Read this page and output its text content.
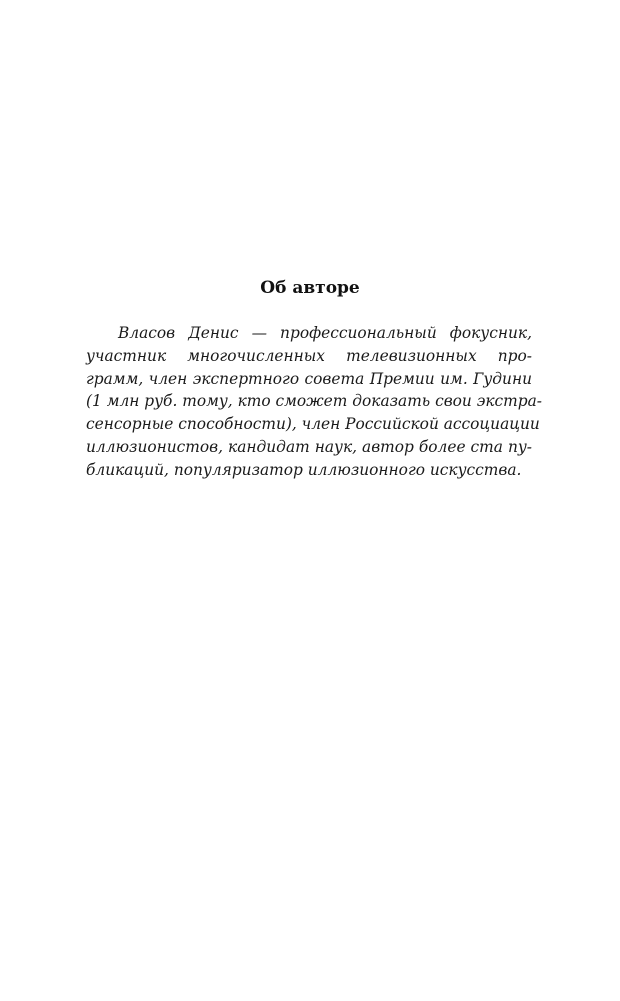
Об авторе
Власов Денис — профессиональный фокусник,
участник многочисленных телевизионных про-
грамм, член экспертного совета Премии им. Гудини
(1 млн руб. тому, кто сможет доказать свои экстра-
сенсорные способности), член Российской ассоциации
иллюзионистов, кандидат наук, автор более ста пу-
бликаций, популяризатор иллюзионного искусства.
